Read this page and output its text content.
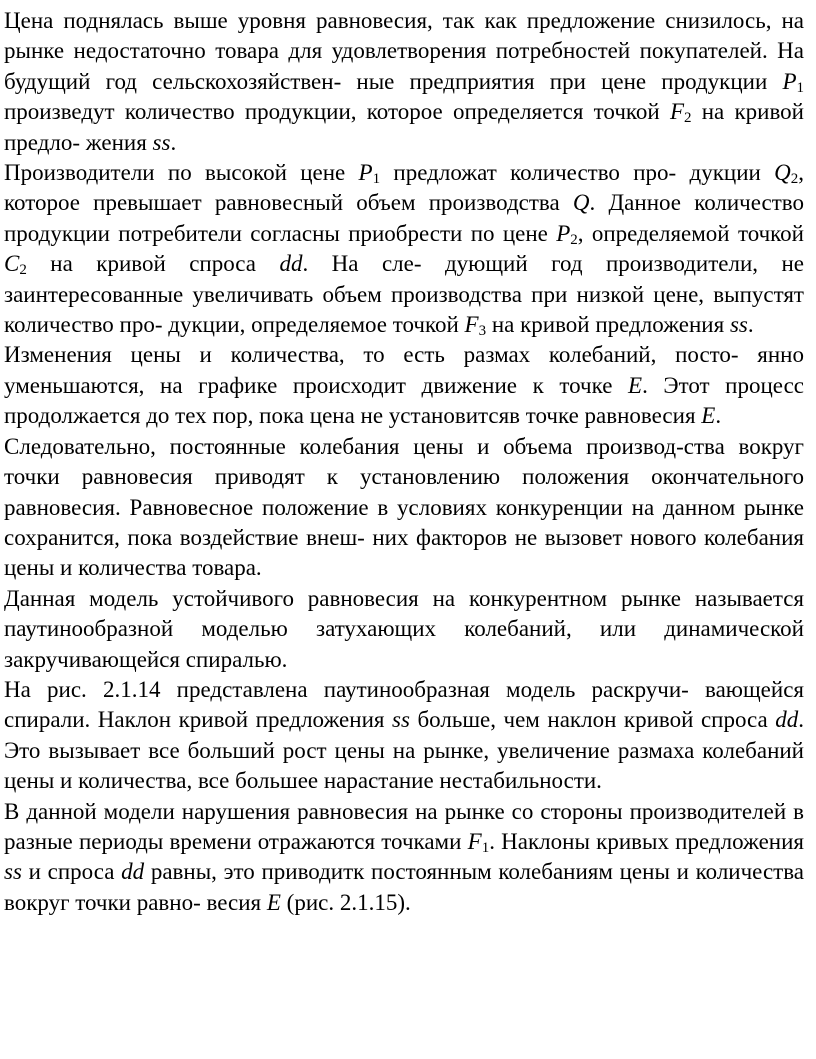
Цена поднялась выше уровня равновесия, так как предложение снизилось, на рынке недостаточно товара для удовлетворения потребностей покупателей. На будущий год сельскохозяйствен- ные предприятия при цене продукции $P_1$ произведут количество продукции, которое определяется точкой $F_2$ на кривой предло- жения ss.

Производители по высокой цене $P_1$ предложат количество про- дукции $Q_2$, которое превышает равновесный объем производства Q. Данное количество продукции потребители согласны приобрести по цене $P_2$, определяемой точкой $C_2$ на кривой спроса dd. На сле- дующий год производители, не заинтересованные увеличивать объем производства при низкой цене, выпустят количество про- дукции, определяемое точкой $F_3$ на кривой предложения ss.

Изменения цены и количества, то есть размах колебаний, посто- янно уменьшаются, на графике происходит движение к точке E. Этот процесс продолжается до тех пор, пока цена не установитсяв точке равновесия E.

Следовательно, постоянные колебания цены и объема производ-ства вокруг точки равновесия приводят к установлению положения окончательного равновесия. Равновесное положение в условиях конкуренции на данном рынке сохранится, пока воздействие внеш- них факторов не вызовет нового колебания цены и количества товара.

Данная модель устойчивого равновесия на конкурентном рынке называется паутинообразной моделью затухающих колебаний, или динамической закручивающейся спиралью.

На рис. 2.1.14 представлена паутинообразная модель раскручи- вающейся спирали. Наклон кривой предложения ss больше, чем наклон кривой спроса dd. Это вызывает все больший рост цены на рынке, увеличение размаха колебаний цены и количества, все большее нарастание нестабильности.

В данной модели нарушения равновесия на рынке со стороны производителей в разные периоды времени отражаются точками $F_1$. Наклоны кривых предложения ss и спроса dd равны, это приводитк постоянным колебаниям цены и количества вокруг точки равно- весия E (рис. 2.1.15).
